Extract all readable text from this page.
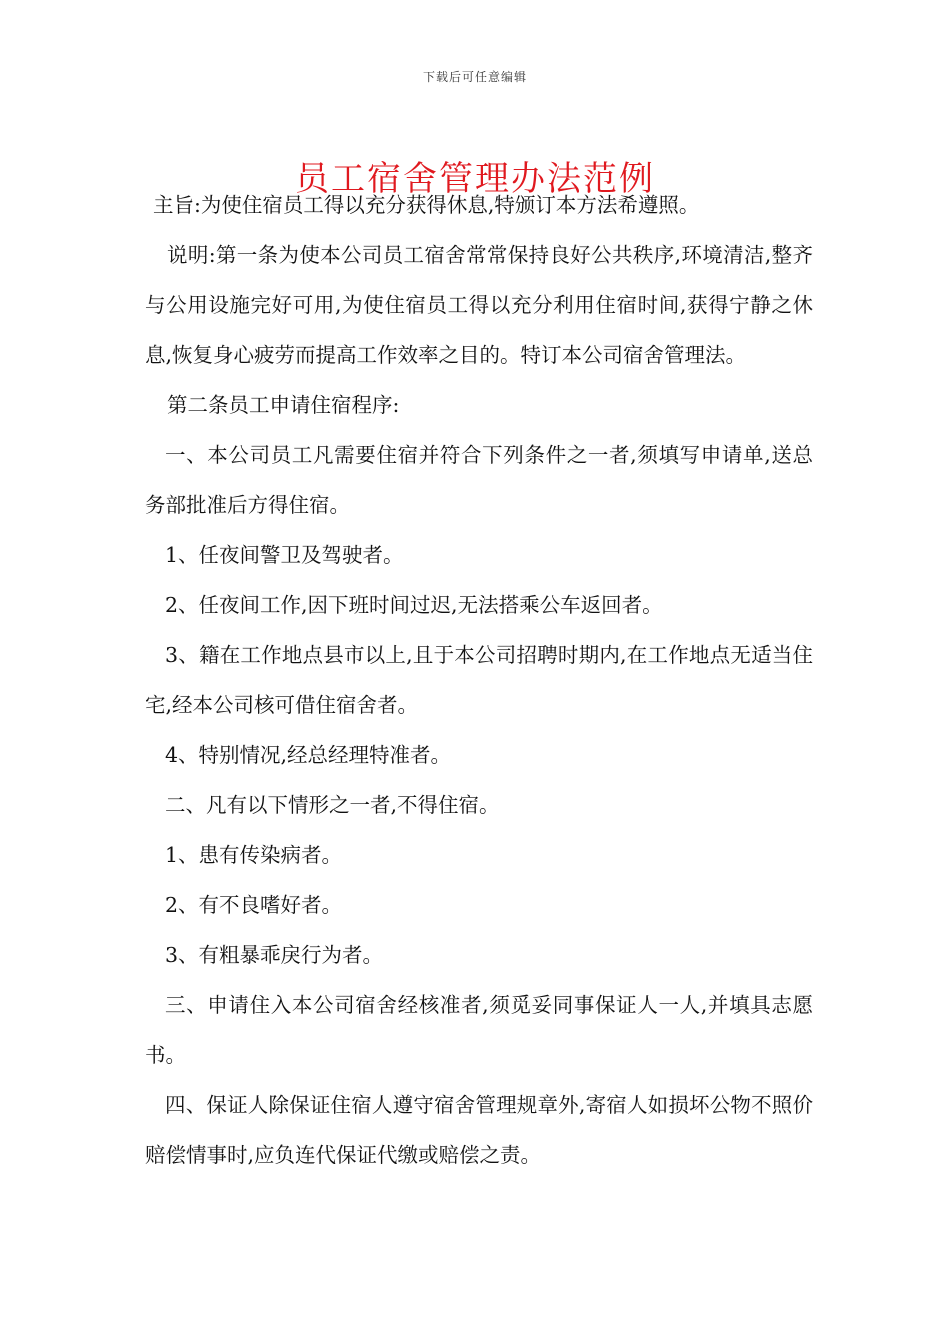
下载后可任意编辑
员工宿舍管理办法范例

主旨:为使住宿员工得以充分获得休息,特颁订本方法希遵照。

说明:第一条为使本公司员工宿舍常常保持良好公共秩序,环境清洁,整齐与公用设施完好可用,为使住宿员工得以充分利用住宿时间,获得宁静之休息,恢复身心疲劳而提高工作效率之目的。特订本公司宿舍管理法。

第二条员工申请住宿程序:

一、本公司员工凡需要住宿并符合下列条件之一者,须填写申请单,送总务部批准后方得住宿。

1、任夜间警卫及驾驶者。

2、任夜间工作,因下班时间过迟,无法搭乘公车返回者。

3、籍在工作地点县市以上,且于本公司招聘时期内,在工作地点无适当住宅,经本公司核可借住宿舍者。

4、特别情况,经总经理特准者。

二、凡有以下情形之一者,不得住宿。

1、患有传染病者。

2、有不良嗜好者。

3、有粗暴乖戾行为者。

三、申请住入本公司宿舍经核准者,须觅妥同事保证人一人,并填具志愿书。

四、保证人除保证住宿人遵守宿舍管理规章外,寄宿人如损坏公物不照价赔偿情事时,应负连代保证代缴或赔偿之责。
